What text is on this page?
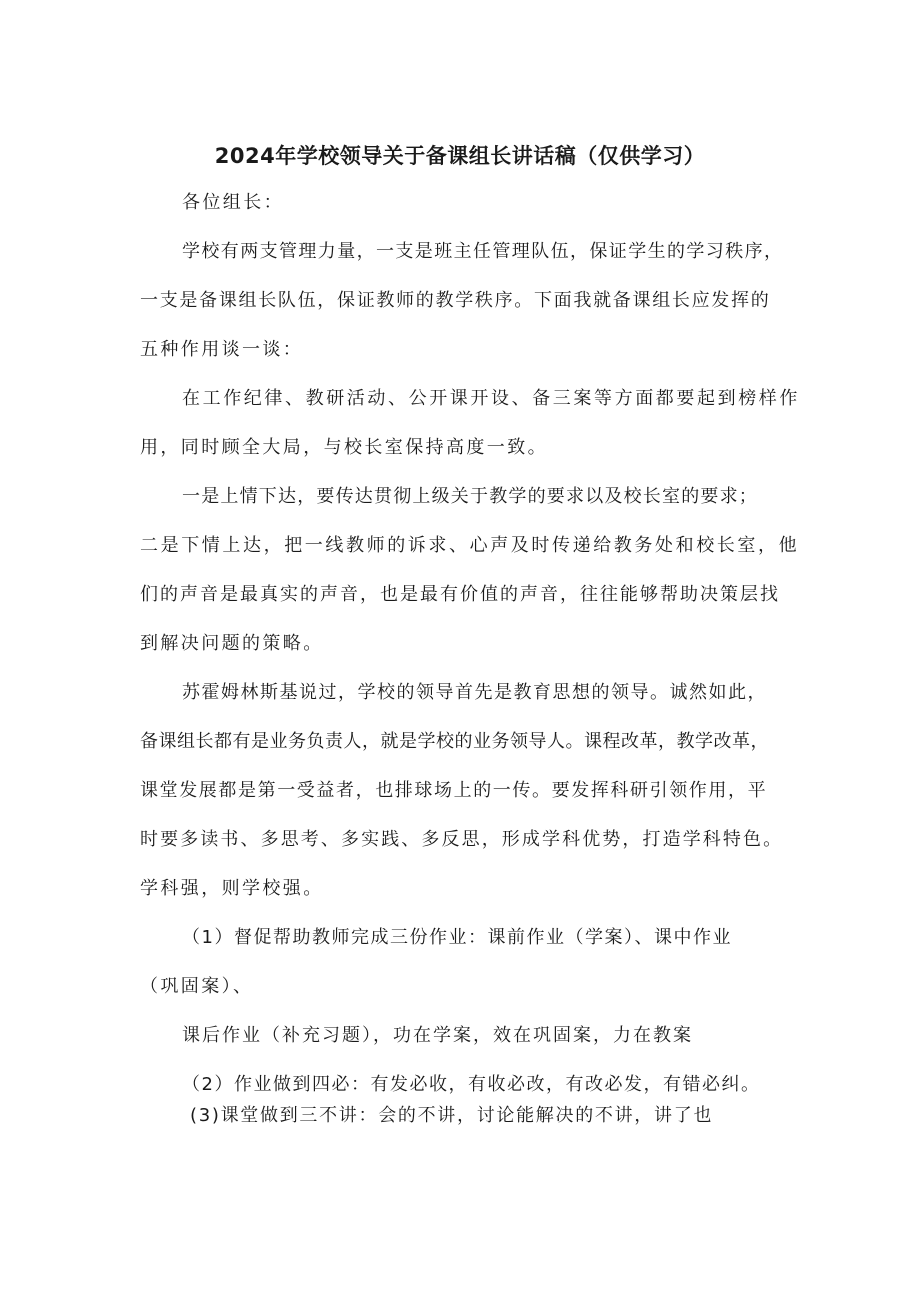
2024年学校领导关于备课组长讲话稿（仅供学习）
各位组长：
学校有两支管理力量，一支是班主任管理队伍，保证学生的学习秩序，
一支是备课组长队伍，保证教师的教学秩序。下面我就备课组长应发挥的
五种作用谈一谈：
在工作纪律、教研活动、公开课开设、备三案等方面都要起到榜样作
用，同时顾全大局，与校长室保持高度一致。
一是上情下达，要传达贯彻上级关于教学的要求以及校长室的要求；
二是下情上达，把一线教师的诉求、心声及时传递给教务处和校长室，他
们的声音是最真实的声音，也是最有价值的声音，往往能够帮助决策层找
到解决问题的策略。
苏霍姆林斯基说过，学校的领导首先是教育思想的领导。诚然如此，
备课组长都有是业务负责人，就是学校的业务领导人。课程改革，教学改革，
课堂发展都是第一受益者，也排球场上的一传。要发挥科研引领作用，平
时要多读书、多思考、多实践、多反思，形成学科优势，打造学科特色。
学科强，则学校强。
（1）督促帮助教师完成三份作业：课前作业（学案）、课中作业
（巩固案）、
课后作业（补充习题），功在学案，效在巩固案，力在教案
（2）作业做到四必：有发必收，有收必改，有改必发，有错必纠。
(3)课堂做到三不讲：会的不讲，讨论能解决的不讲，讲了也
